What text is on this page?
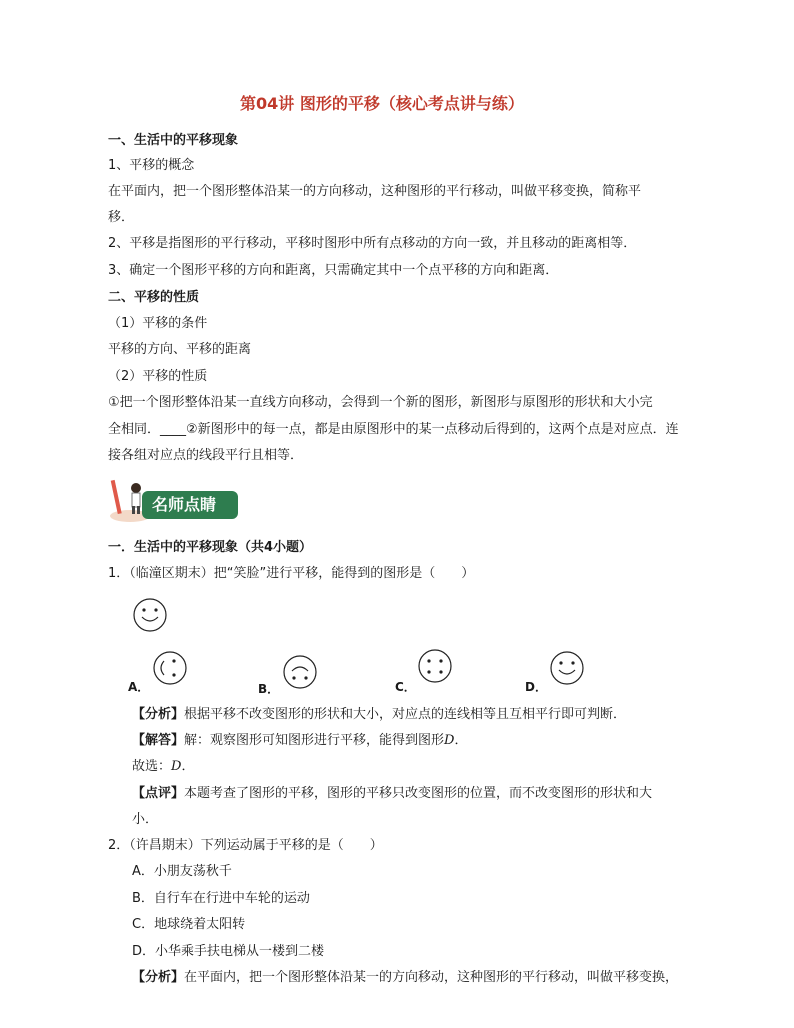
第04讲 图形的平移（核心考点讲与练）
一、生活中的平移现象
1、平移的概念
在平面内，把一个图形整体沿某一的方向移动，这种图形的平行移动，叫做平移变换，简称平
移．
2、平移是指图形的平行移动，平移时图形中所有点移动的方向一致，并且移动的距离相等．
3、确定一个图形平移的方向和距离，只需确定其中一个点平移的方向和距离．
二、平移的性质
（1）平移的条件
平移的方向、平移的距离
（2）平移的性质
①把一个图形整体沿某一直线方向移动，会得到一个新的图形，新图形与原图形的形状和大小完
全相同．____②新图形中的每一点，都是由原图形中的某一点移动后得到的，这两个点是对应点．连
接各组对应点的线段平行且相等．
名师点睛
一．生活中的平移现象（共4小题）
1．（临潼区期末）把“笑脸”进行平移，能得到的图形是（　　）
A．	B．	C．	D．
【分析】根据平移不改变图形的形状和大小，对应点的连线相等且互相平行即可判断．
【解答】解：观察图形可知图形进行平移，能得到图形D．
故选：D．
【点评】本题考查了图形的平移，图形的平移只改变图形的位置，而不改变图形的形状和大
小．
2．（许昌期末）下列运动属于平移的是（　　）
A．小朋友荡秋千
B．自行车在行进中车轮的运动
C．地球绕着太阳转
D．小华乘手扶电梯从一楼到二楼
【分析】在平面内，把一个图形整体沿某一的方向移动，这种图形的平行移动，叫做平移变换，
